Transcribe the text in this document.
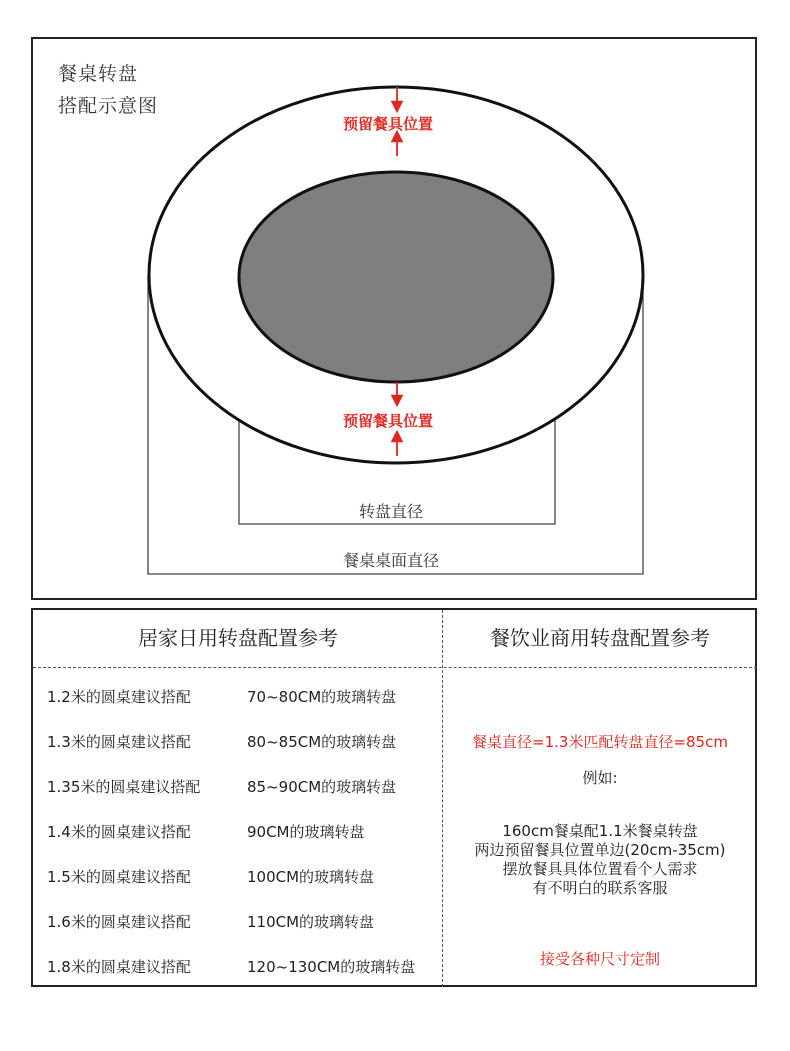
餐桌转盘
搭配示意图
预留餐具位置
预留餐具位置
转盘直径
餐桌桌面直径
居家日用转盘配置参考	餐饮业商用转盘配置参考
1.2米的圆桌建议搭配	70~80CM的玻璃转盘
1.3米的圆桌建议搭配	80~85CM的玻璃转盘
1.35米的圆桌建议搭配	85~90CM的玻璃转盘
1.4米的圆桌建议搭配	90CM的玻璃转盘
1.5米的圆桌建议搭配	100CM的玻璃转盘
1.6米的圆桌建议搭配	110CM的玻璃转盘
1.8米的圆桌建议搭配	120~130CM的玻璃转盘
餐桌直径=1.3米匹配转盘直径=85cm
例如:
160cm餐桌配1.1米餐桌转盘
两边预留餐具位置单边(20cm-35cm)
摆放餐具具体位置看个人需求
有不明白的联系客服
接受各种尺寸定制
